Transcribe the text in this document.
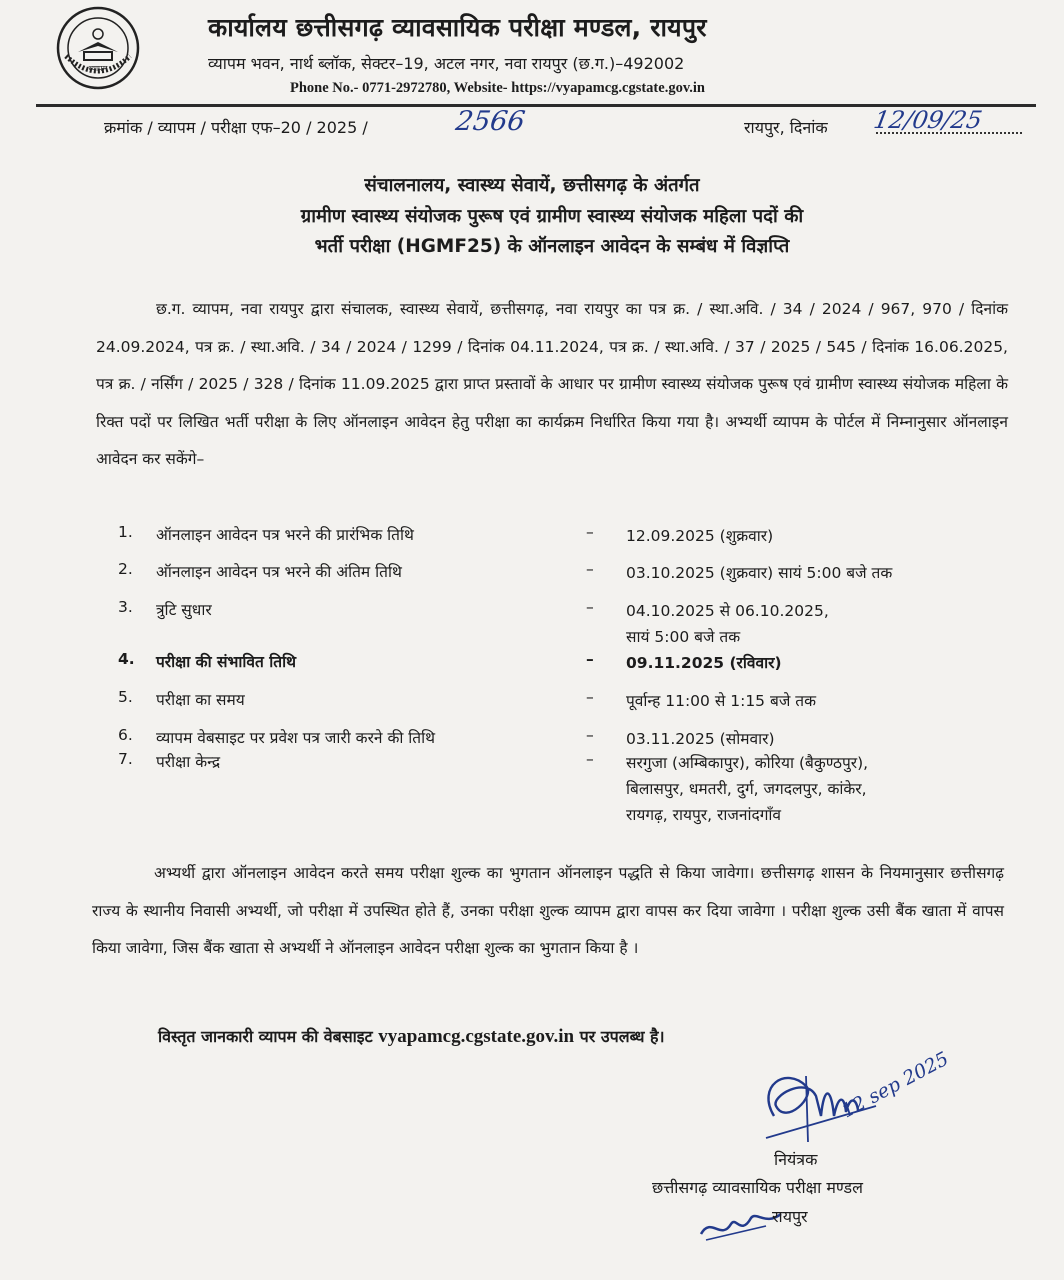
व्यापम
कार्यालय छत्तीसगढ़ व्यावसायिक परीक्षा मण्डल, रायपुर
व्यापम भवन, नार्थ ब्लॉक, सेक्टर–19, अटल नगर, नवा रायपुर (छ.ग.)–492002
Phone No.- 0771-2972780, Website- https://vyapamcg.cgstate.gov.in
क्रमांक / व्यापम / परीक्षा एफ–20 / 2025 /	2566	रायपुर, दिनांक 12/09/25
संचालनालय, स्वास्थ्य सेवायें, छत्तीसगढ़ के अंतर्गत
ग्रामीण स्वास्थ्य संयोजक पुरूष एवं ग्रामीण स्वास्थ्य संयोजक महिला पदों की
भर्ती परीक्षा (HGMF25) के ऑनलाइन आवेदन के सम्बंध में विज्ञप्ति

छ.ग. व्यापम, नवा रायपुर द्वारा संचालक, स्वास्थ्य सेवायें, छत्तीसगढ़, नवा रायपुर का पत्र क्र. / स्था.अवि. / 34 / 2024 / 967, 970 / दिनांक 24.09.2024, पत्र क्र. / स्था.अवि. / 34 / 2024 / 1299 / दिनांक 04.11.2024, पत्र क्र. / स्था.अवि. / 37 / 2025 / 545 / दिनांक 16.06.2025, पत्र क्र. / नर्सिंग / 2025 / 328 / दिनांक 11.09.2025 द्वारा प्राप्त प्रस्तावों के आधार पर ग्रामीण स्वास्थ्य संयोजक पुरूष एवं ग्रामीण स्वास्थ्य संयोजक महिला के रिक्त पदों पर लिखित भर्ती परीक्षा के लिए ऑनलाइन आवेदन हेतु परीक्षा का कार्यक्रम निर्धारित किया गया है। अभ्यर्थी व्यापम के पोर्टल में निम्नानुसार ऑनलाइन आवेदन कर सकेंगे–

1. ऑनलाइन आवेदन पत्र भरने की प्रारंभिक तिथि	– 12.09.2025 (शुक्रवार)
2. ऑनलाइन आवेदन पत्र भरने की अंतिम तिथि	– 03.10.2025 (शुक्रवार) सायं 5:00 बजे तक
3. त्रुटि सुधार	– 04.10.2025 से 06.10.2025,
सायं 5:00 बजे तक
4. परीक्षा की संभावित तिथि	– 09.11.2025 (रविवार)
5. परीक्षा का समय	– पूर्वान्ह 11:00 से 1:15 बजे तक
6. व्यापम वेबसाइट पर प्रवेश पत्र जारी करने की तिथि	– 03.11.2025 (सोमवार)
7. परीक्षा केन्द्र	– सरगुजा (अम्बिकापुर), कोरिया (बैकुण्ठपुर),
बिलासपुर, धमतरी, दुर्ग, जगदलपुर, कांकेर,
रायगढ़, रायपुर, राजनांदगाँव

अभ्यर्थी द्वारा ऑनलाइन आवेदन करते समय परीक्षा शुल्क का भुगतान ऑनलाइन पद्धति से किया जावेगा। छत्तीसगढ़ शासन के नियमानुसार छत्तीसगढ़ राज्य के स्थानीय निवासी अभ्यर्थी, जो परीक्षा में उपस्थित होते हैं, उनका परीक्षा शुल्क व्यापम द्वारा वापस कर दिया जावेगा । परीक्षा शुल्क उसी बैंक खाता में वापस किया जावेगा, जिस बैंक खाता से अभ्यर्थी ने ऑनलाइन आवेदन परीक्षा शुल्क का भुगतान किया है ।

विस्तृत जानकारी व्यापम की वेबसाइट vyapamcg.cgstate.gov.in पर उपलब्ध है।
12 sep 2025
नियंत्रक
छत्तीसगढ़ व्यावसायिक परीक्षा मण्डल
रायपुर
